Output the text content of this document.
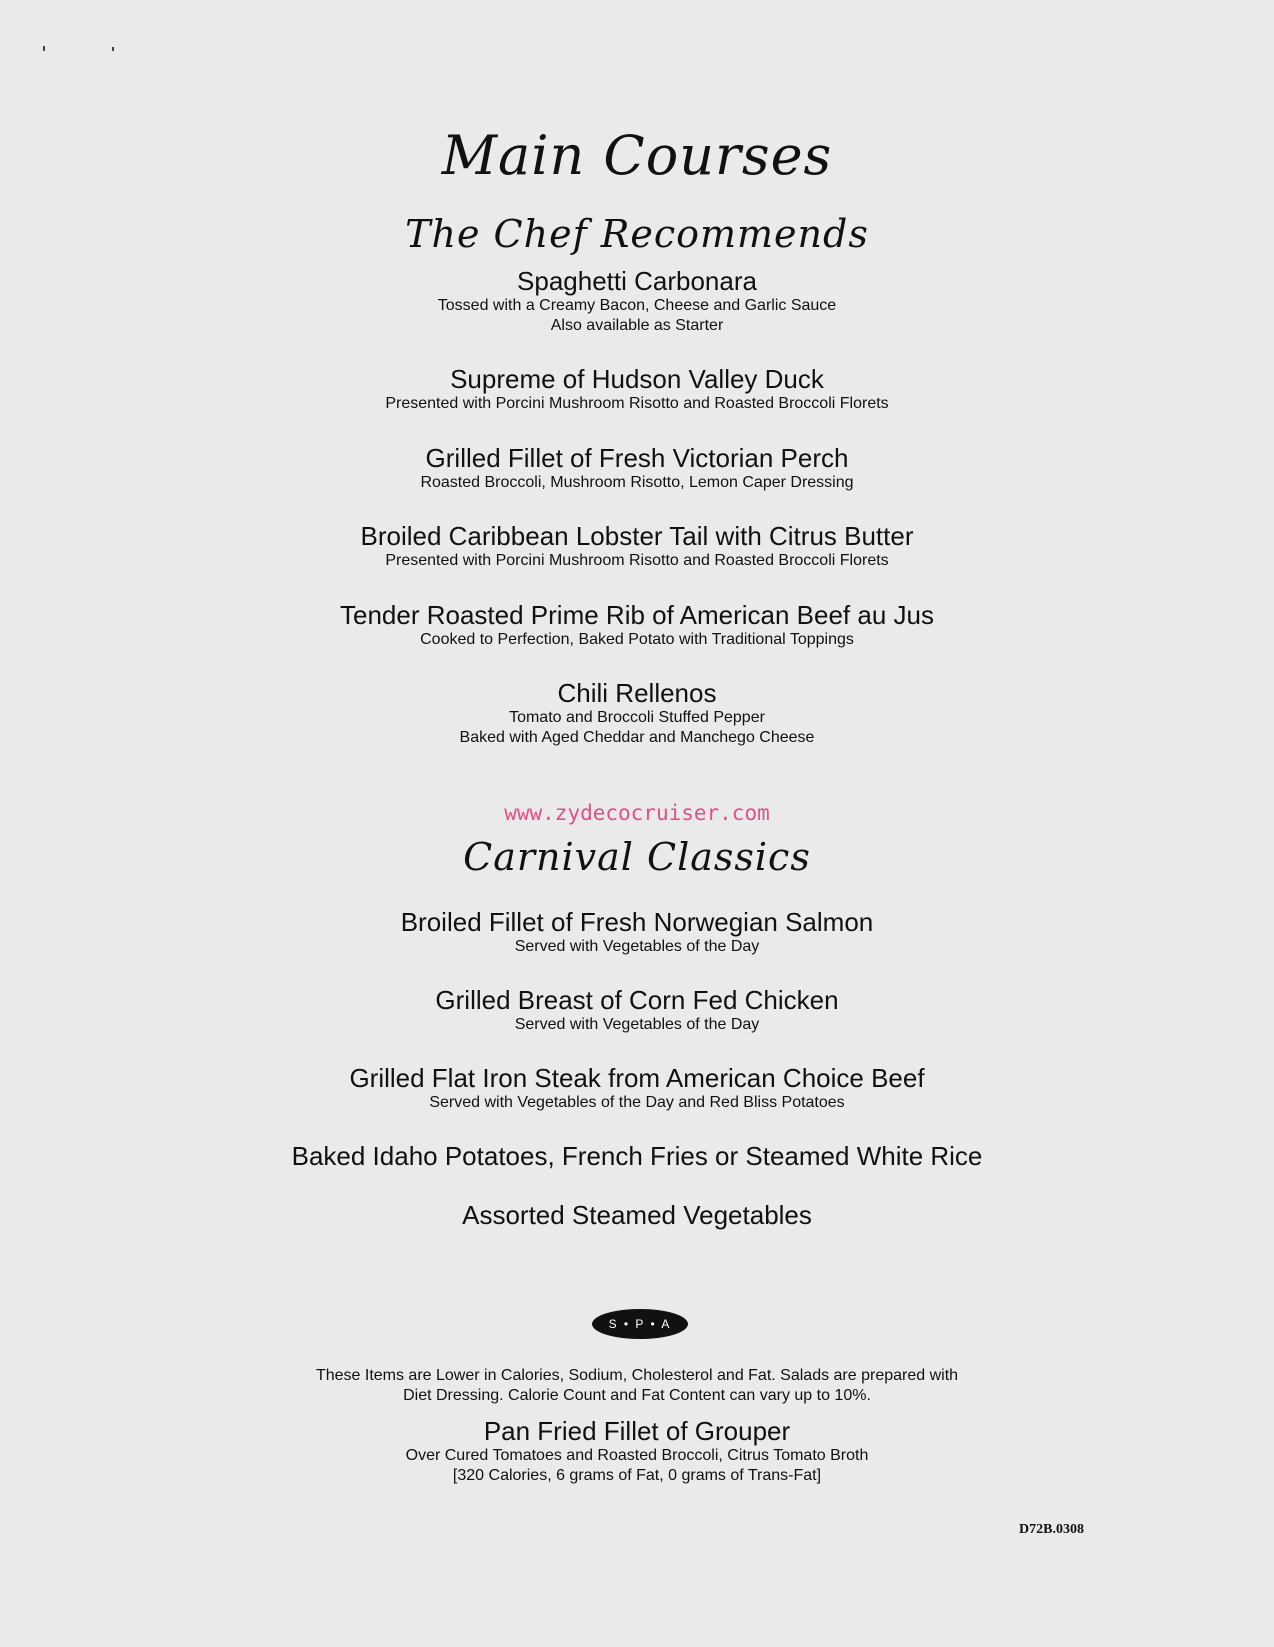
Main Courses
The Chef Recommends
Spaghetti Carbonara
Tossed with a Creamy Bacon, Cheese and Garlic Sauce
Also available as Starter
Supreme of Hudson Valley Duck
Presented with Porcini Mushroom Risotto and Roasted Broccoli Florets
Grilled Fillet of Fresh Victorian Perch
Roasted Broccoli, Mushroom Risotto, Lemon Caper Dressing
Broiled Caribbean Lobster Tail with Citrus Butter
Presented with Porcini Mushroom Risotto and Roasted Broccoli Florets
Tender Roasted Prime Rib of American Beef au Jus
Cooked to Perfection, Baked Potato with Traditional Toppings
Chili Rellenos
Tomato and Broccoli Stuffed Pepper
Baked with Aged Cheddar and Manchego Cheese
www.zydecocruiser.com
Carnival Classics
Broiled Fillet of Fresh Norwegian Salmon
Served with Vegetables of the Day
Grilled Breast of Corn Fed Chicken
Served with Vegetables of the Day
Grilled Flat Iron Steak from American Choice Beef
Served with Vegetables of the Day and Red Bliss Potatoes
Baked Idaho Potatoes, French Fries or Steamed White Rice
Assorted Steamed Vegetables
S • P • A
These Items are Lower in Calories, Sodium, Cholesterol and Fat. Salads are prepared with
Diet Dressing. Calorie Count and Fat Content can vary up to 10%.
Pan Fried Fillet of Grouper
Over Cured Tomatoes and Roasted Broccoli, Citrus Tomato Broth
[320 Calories, 6 grams of Fat, 0 grams of Trans-Fat]
D72B.0308
